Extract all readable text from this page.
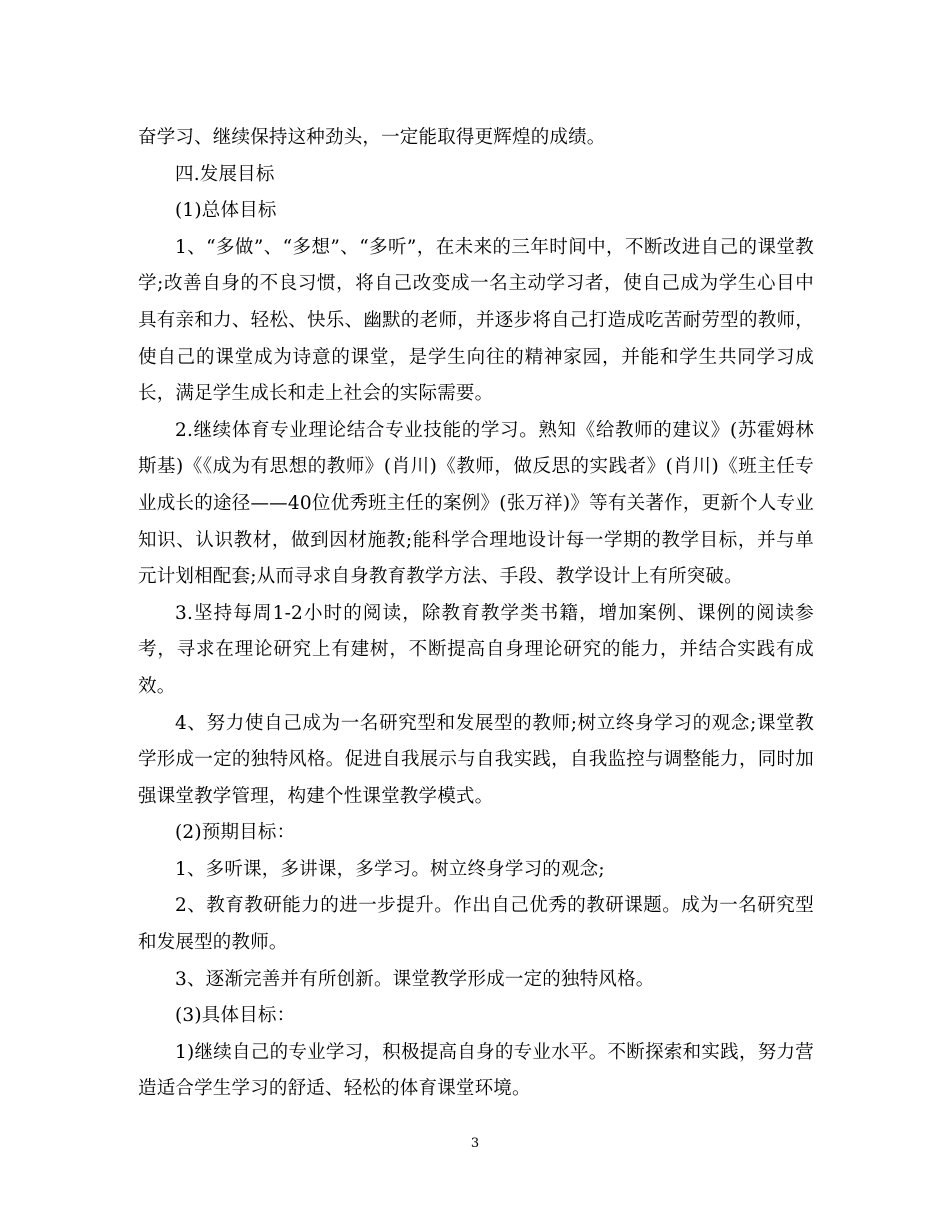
奋学习、继续保持这种劲头，一定能取得更辉煌的成绩。

四.发展目标

(1)总体目标

1、“多做”、“多想”、“多听”，在未来的三年时间中，不断改进自己的课堂教学;改善自身的不良习惯，将自己改变成一名主动学习者，使自己成为学生心目中具有亲和力、轻松、快乐、幽默的老师，并逐步将自己打造成吃苦耐劳型的教师，使自己的课堂成为诗意的课堂，是学生向往的精神家园，并能和学生共同学习成长，满足学生成长和走上社会的实际需要。

2.继续体育专业理论结合专业技能的学习。熟知《给教师的建议》(苏霍姆林斯基)《《成为有思想的教师》(肖川)《教师，做反思的实践者》(肖川)《班主任专业成长的途径——40位优秀班主任的案例》(张万祥)》等有关著作，更新个人专业知识、认识教材，做到因材施教;能科学合理地设计每一学期的教学目标，并与单元计划相配套;从而寻求自身教育教学方法、手段、教学设计上有所突破。

3.坚持每周1-2小时的阅读，除教育教学类书籍，增加案例、课例的阅读参考，寻求在理论研究上有建树，不断提高自身理论研究的能力，并结合实践有成效。

4、努力使自己成为一名研究型和发展型的教师;树立终身学习的观念;课堂教学形成一定的独特风格。促进自我展示与自我实践，自我监控与调整能力，同时加强课堂教学管理，构建个性课堂教学模式。

(2)预期目标：

1、多听课，多讲课，多学习。树立终身学习的观念;

2、教育教研能力的进一步提升。作出自己优秀的教研课题。成为一名研究型和发展型的教师。

3、逐渐完善并有所创新。课堂教学形成一定的独特风格。

(3)具体目标：

1)继续自己的专业学习，积极提高自身的专业水平。不断探索和实践，努力营造适合学生学习的舒适、轻松的体育课堂环境。

3
